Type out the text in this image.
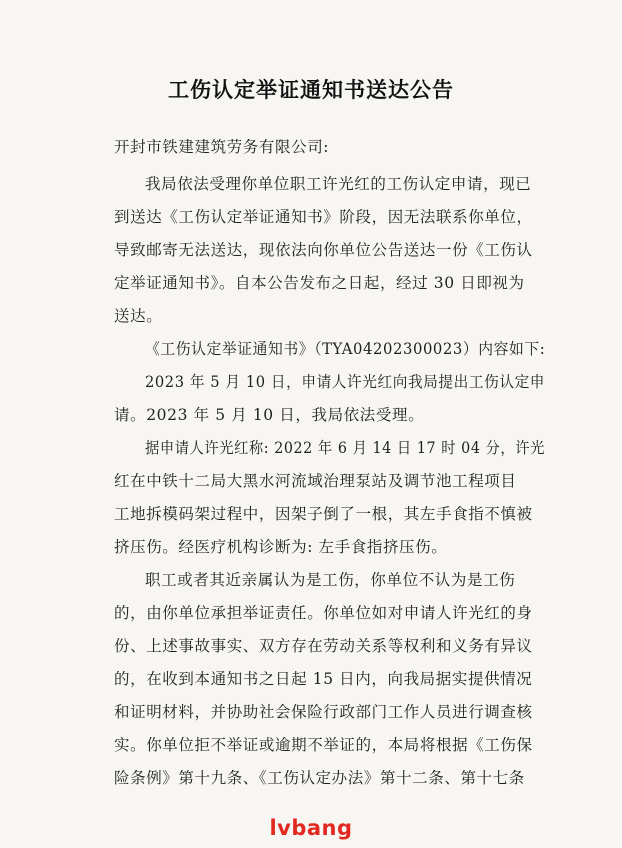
工伤认定举证通知书送达公告
开封市铁建建筑劳务有限公司:
我局依法受理你单位职工许光红的工伤认定申请，现已
到送达《工伤认定举证通知书》阶段，因无法联系你单位，
导致邮寄无法送达，现依法向你单位公告送达一份《工伤认
定举证通知书》。自本公告发布之日起，经过 30 日即视为
送达。
《工伤认定举证通知书》（TYA04202300023）内容如下:
2023 年 5 月 10 日，申请人许光红向我局提出工伤认定申
请。2023 年 5 月 10 日，我局依法受理。
据申请人许光红称: 2022 年 6 月 14 日 17 时 04 分，许光
红在中铁十二局大黑水河流域治理泵站及调节池工程项目
工地拆模码架过程中，因架子倒了一根，其左手食指不慎被
挤压伤。经医疗机构诊断为: 左手食指挤压伤。
职工或者其近亲属认为是工伤，你单位不认为是工伤
的，由你单位承担举证责任。你单位如对申请人许光红的身
份、上述事故事实、双方存在劳动关系等权利和义务有异议
的，在收到本通知书之日起 15 日内，向我局据实提供情况
和证明材料，并协助社会保险行政部门工作人员进行调查核
实。你单位拒不举证或逾期不举证的，本局将根据《工伤保
险条例》第十九条、《工伤认定办法》第十二条、第十七条
lvbang
